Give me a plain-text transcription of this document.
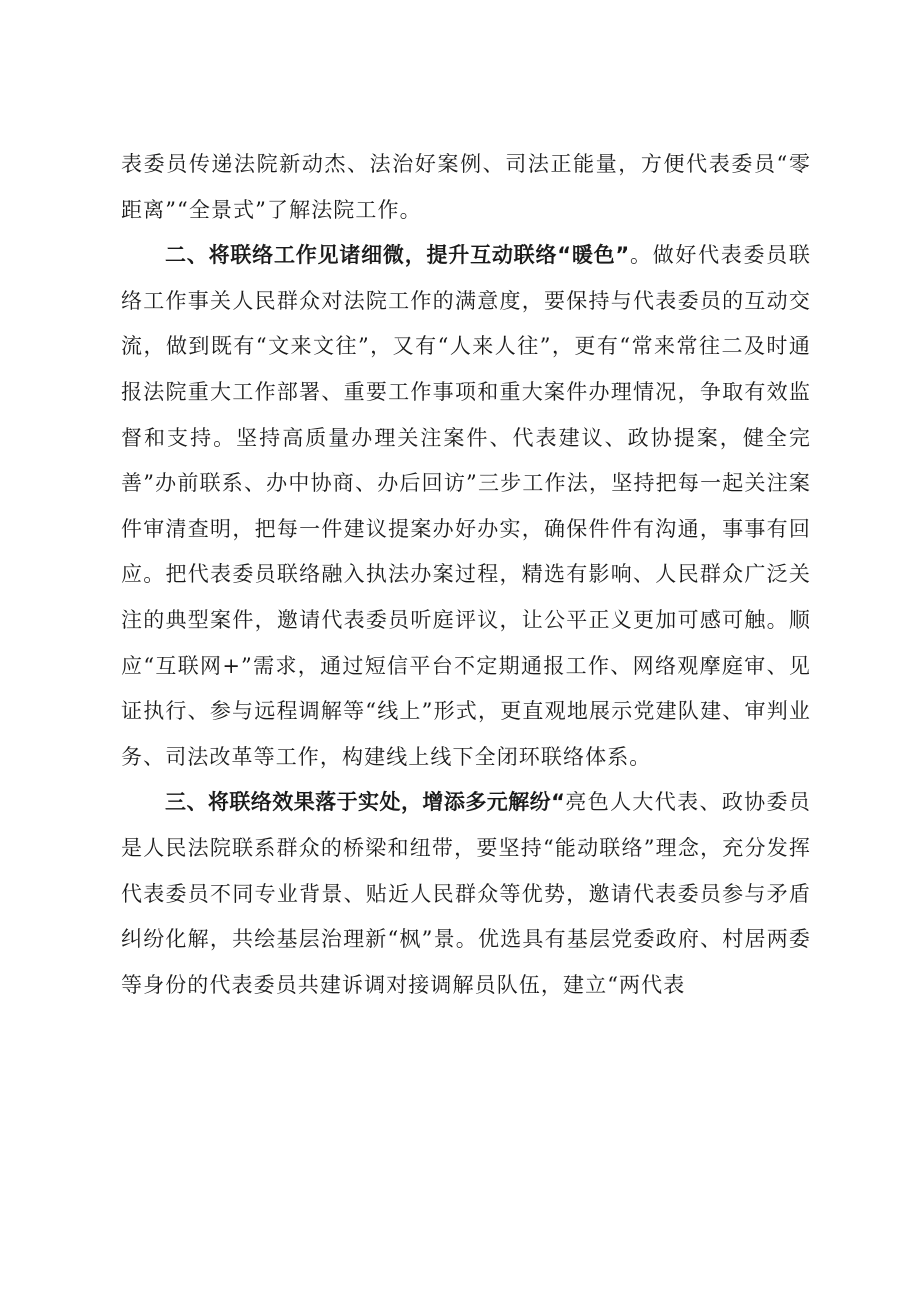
表委员传递法院新动杰、法治好案例、司法正能量，方便代表委员“零距离”“全景式”了解法院工作。

二、将联络工作见诸细微，提升互动联络“暖色”。做好代表委员联络工作事关人民群众对法院工作的满意度，要保持与代表委员的互动交流，做到既有“文来文往”，又有“人来人往”，更有“常来常往二及时通报法院重大工作部署、重要工作事项和重大案件办理情况，争取有效监督和支持。坚持高质量办理关注案件、代表建议、政协提案，健全完善”办前联系、办中协商、办后回访”三步工作法，坚持把每一起关注案件审清查明，把每一件建议提案办好办实，确保件件有沟通，事事有回应。把代表委员联络融入执法办案过程，精选有影响、人民群众广泛关注的典型案件，邀请代表委员听庭评议，让公平正义更加可感可触。顺应“互联网+”需求，通过短信平台不定期通报工作、网络观摩庭审、见证执行、参与远程调解等“线上”形式，更直观地展示党建队建、审判业务、司法改革等工作，构建线上线下全闭环联络体系。

三、将联络效果落于实处，增添多元解纷“亮色人大代表、政协委员是人民法院联系群众的桥梁和纽带，要坚持“能动联络”理念，充分发挥代表委员不同专业背景、贴近人民群众等优势，邀请代表委员参与矛盾纠纷化解，共绘基层治理新“枫”景。优选具有基层党委政府、村居两委等身份的代表委员共建诉调对接调解员队伍，建立“两代表
